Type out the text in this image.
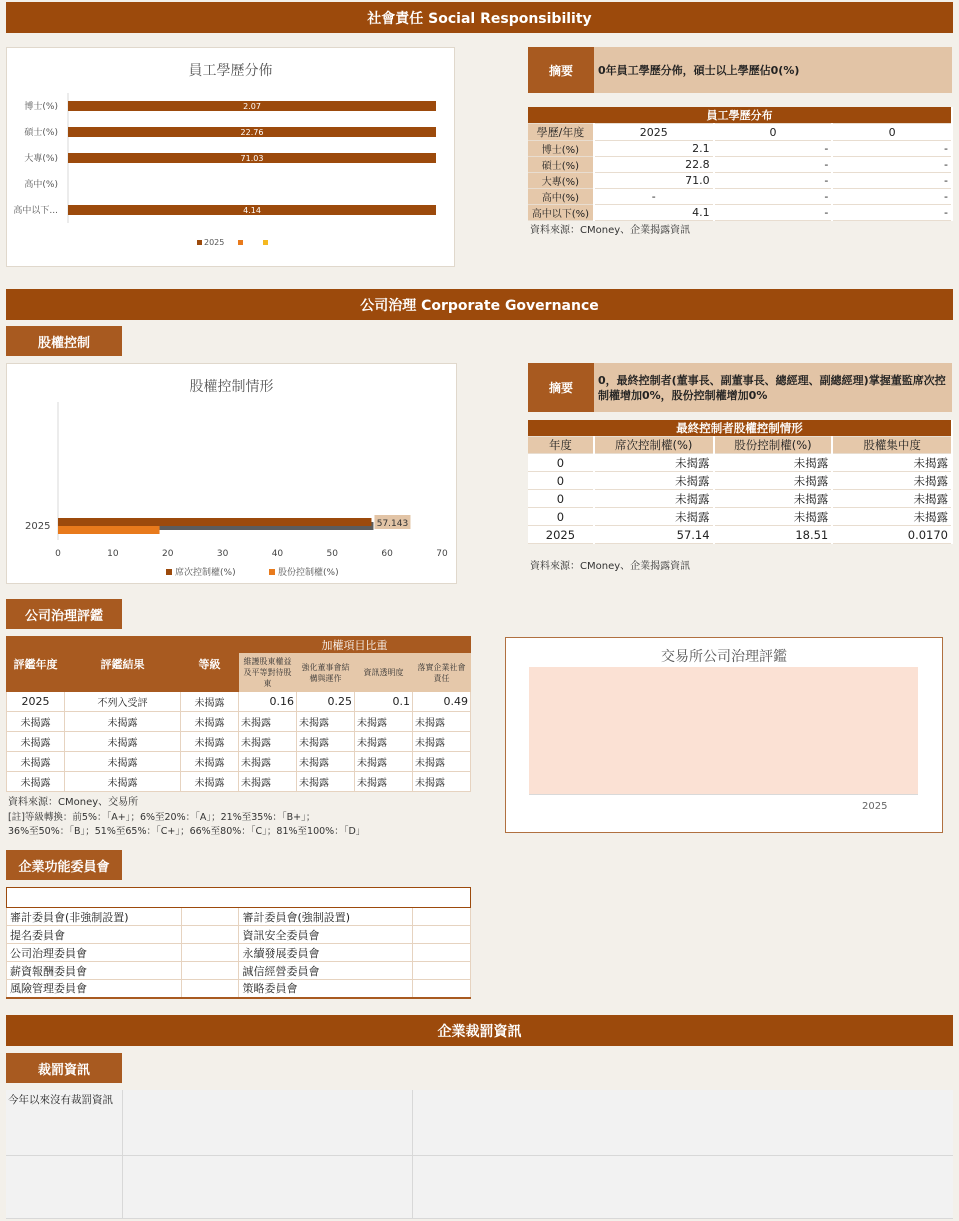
社會責任 Social Responsibility
員工學歷分佈
博士(%)	2.07
碩士(%)	22.76
大專(%)	71.03
高中(%)
高中以下...	4.14
2025
摘要	0年員工學歷分佈，碩士以上學歷佔0(%)
員工學歷分布			
學歷/年度	2025	0	0
博士(%)	2.1	-	-
碩士(%)	22.8	-	-
大專(%)	71.0	-	-
高中(%)	-	-	-
高中以下(%)	4.1	-	-
資料來源：CMoney、企業揭露資訊
公司治理 Corporate Governance
股權控制
股權控制情形
0	10	20	30	40	50	60	70
2025	57.143
席次控制權(%)	股份控制權(%)
摘要
0，最終控制者(董事長、副董事長、總經理、副總經理)掌握董監席次控制權增加0%，股份控制權增加0%
最終控制者股權控制情形			
年度	席次控制權(%)	股份控制權(%)	股權集中度
0	未揭露	未揭露	未揭露
0	未揭露	未揭露	未揭露
0	未揭露	未揭露	未揭露
0	未揭露	未揭露	未揭露
2025	57.14	18.51	0.0170
資料來源：CMoney、企業揭露資訊
公司治理評鑑
評鑑年度	評鑑結果	等級	加權項目比重			
			維護股東權益及平等對待股東	強化董事會結構與運作	資訊透明度	落實企業社會責任
2025	不列入受評	未揭露	0.16	0.25	0.1	0.49
未揭露	未揭露	未揭露	未揭露	未揭露	未揭露	未揭露
未揭露	未揭露	未揭露	未揭露	未揭露	未揭露	未揭露
未揭露	未揭露	未揭露	未揭露	未揭露	未揭露	未揭露
未揭露	未揭露	未揭露	未揭露	未揭露	未揭露	未揭露
資料來源：CMoney、交易所
[註]等級轉換：前5%：「A+」；6%至20%：「A」；21%至35%：「B+」；
36%至50%：「B」；51%至65%：「C+」；66%至80%：「C」；81%至100%：「D」
交易所公司治理評鑑
2025
企業功能委員會
功能委員會			
審計委員會(非強制設置)		審計委員會(強制設置)	
提名委員會		資訊安全委員會	
公司治理委員會		永續發展委員會	
薪資報酬委員會		誠信經營委員會	
風險管理委員會		策略委員會	
企業裁罰資訊
裁罰資訊
今年以來沒有裁罰資訊
